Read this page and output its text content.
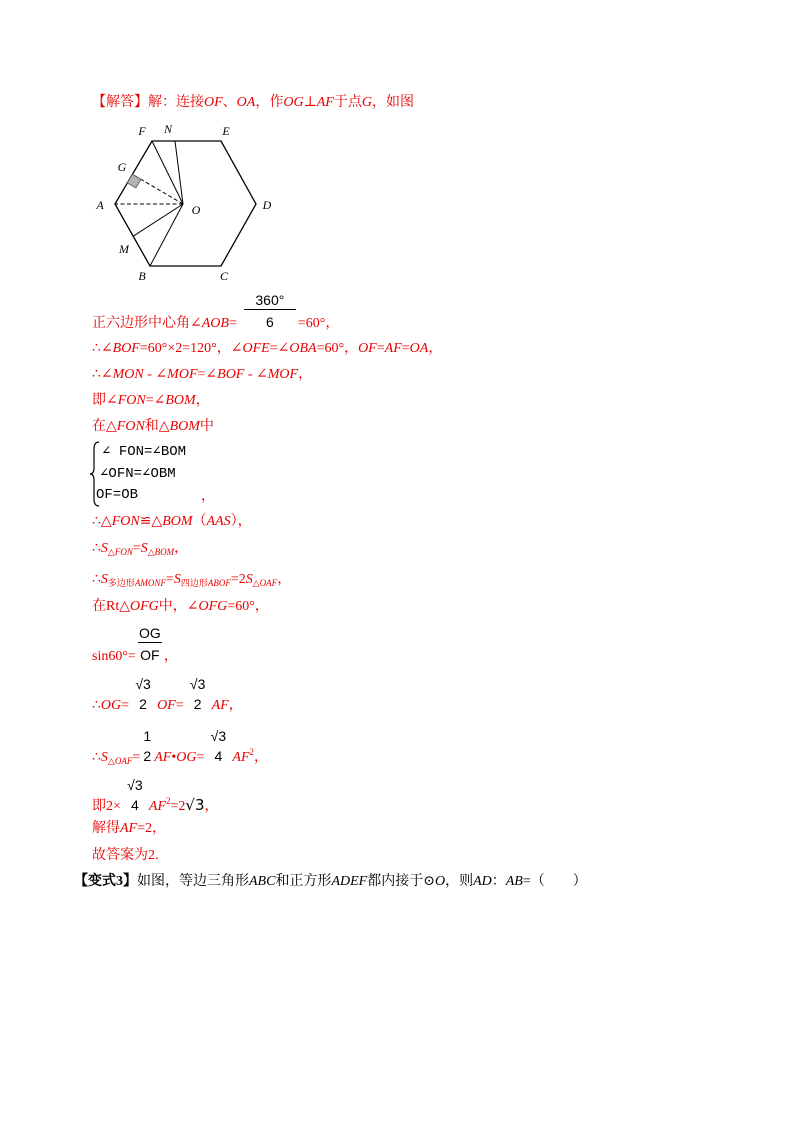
【解答】解：连接OF、OA，作OG⊥AF于点G，如图
F N	E
G
A	O	D
M
B	C
正六边形中心角∠AOB= $\frac{360^\circ}{6} =60^\circ$，
∴∠BOF=60°×2=120°，∠OFE=∠OBA=60°，OF=AF=OA，
∴∠MON - ∠MOF=∠BOF - ∠MOF，
即∠FON=∠BOM，
在△FON和△BOM中
∠ FON=∠BOM
∠OFN=∠OBM
OF=OB	，
∴△FON≌△BOM（AAS），
$\therefore S_{\triangle FON}=S_{\triangle BOM}$，
$\therefore S_{多边形AMONF}=S_{四边形ABOF}=2S_{\triangle OAF}$，
在Rt△OFG中，∠OFG=60°，
$\sin 60^\circ= \frac{OG}{OF}$ ，
∴OG=
√3
2 OF=
√3
2 AF，
$\therefore S_{\triangle OAF}=$
1
2 AF•OG=
√3
4 $AF^2$，
即2×
√3
4 $AF^2=2√3$，
解得AF=2，
故答案为2.
【变式3】如图，等边三角形ABC和正方形ADEF都内接于⊙O，则AD：AB=（　　）
